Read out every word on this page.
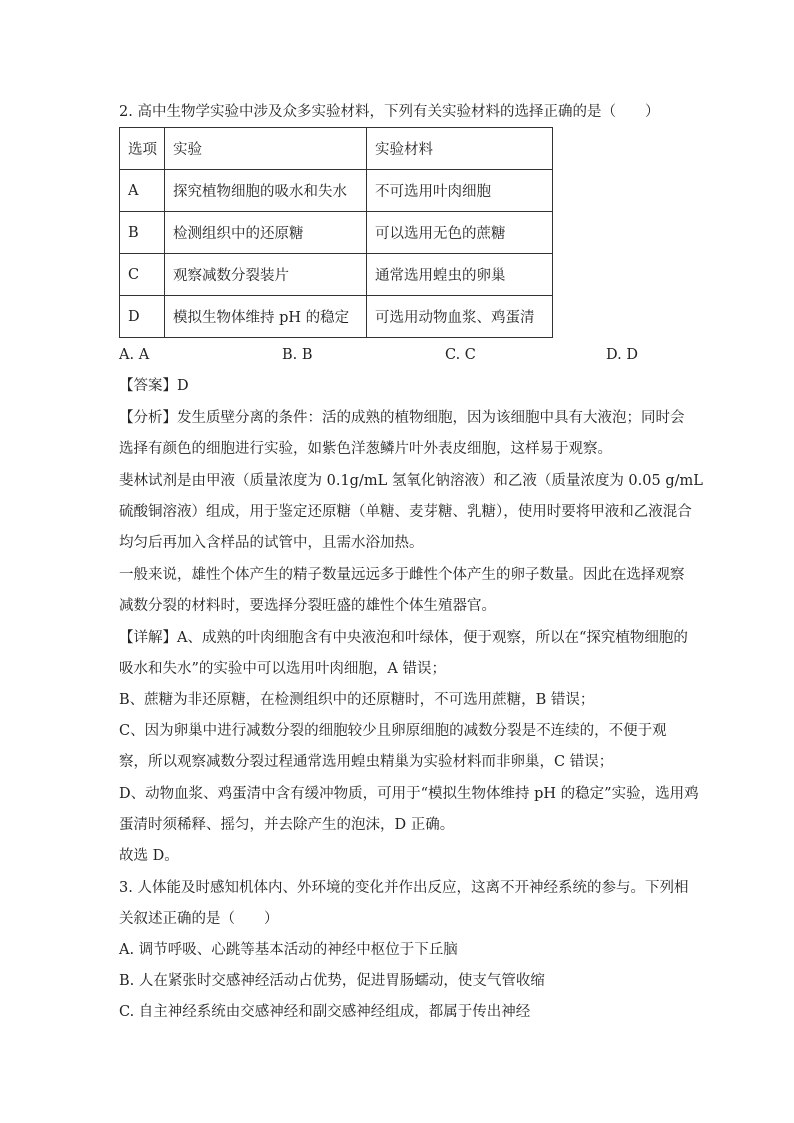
2. 高中生物学实验中涉及众多实验材料，下列有关实验材料的选择正确的是（　　）
选项	实验	实验材料
A	探究植物细胞的吸水和失水	不可选用叶肉细胞
B	检测组织中的还原糖	可以选用无色的蔗糖
C	观察减数分裂装片	通常选用蝗虫的卵巢
D	模拟生物体维持 pH 的稳定	可选用动物血浆、鸡蛋清
A. A	B. B	C. C	D. D
【答案】D
【分析】发生质壁分离的条件：活的成熟的植物细胞，因为该细胞中具有大液泡；同时会
选择有颜色的细胞进行实验，如紫色洋葱鳞片叶外表皮细胞，这样易于观察。
斐林试剂是由甲液（质量浓度为 0.1g/mL 氢氧化钠溶液）和乙液（质量浓度为 0.05 g/mL
硫酸铜溶液）组成，用于鉴定还原糖（单糖、麦芽糖、乳糖），使用时要将甲液和乙液混合
均匀后再加入含样品的试管中，且需水浴加热。
一般来说，雄性个体产生的精子数量远远多于雌性个体产生的卵子数量。因此在选择观察
减数分裂的材料时，要选择分裂旺盛的雄性个体生殖器官。
【详解】A、成熟的叶肉细胞含有中央液泡和叶绿体，便于观察，所以在“探究植物细胞的
吸水和失水”的实验中可以选用叶肉细胞，A 错误；
B、蔗糖为非还原糖，在检测组织中的还原糖时，不可选用蔗糖，B 错误；
C、因为卵巢中进行减数分裂的细胞较少且卵原细胞的减数分裂是不连续的，不便于观
察，所以观察减数分裂过程通常选用蝗虫精巢为实验材料而非卵巢，C 错误；
D、动物血浆、鸡蛋清中含有缓冲物质，可用于“模拟生物体维持 pH 的稳定”实验，选用鸡
蛋清时须稀释、摇匀，并去除产生的泡沫，D 正确。
故选 D。
3. 人体能及时感知机体内、外环境的变化并作出反应，这离不开神经系统的参与。下列相
关叙述正确的是（　　）
A. 调节呼吸、心跳等基本活动的神经中枢位于下丘脑
B. 人在紧张时交感神经活动占优势，促进胃肠蠕动，使支气管收缩
C. 自主神经系统由交感神经和副交感神经组成，都属于传出神经
